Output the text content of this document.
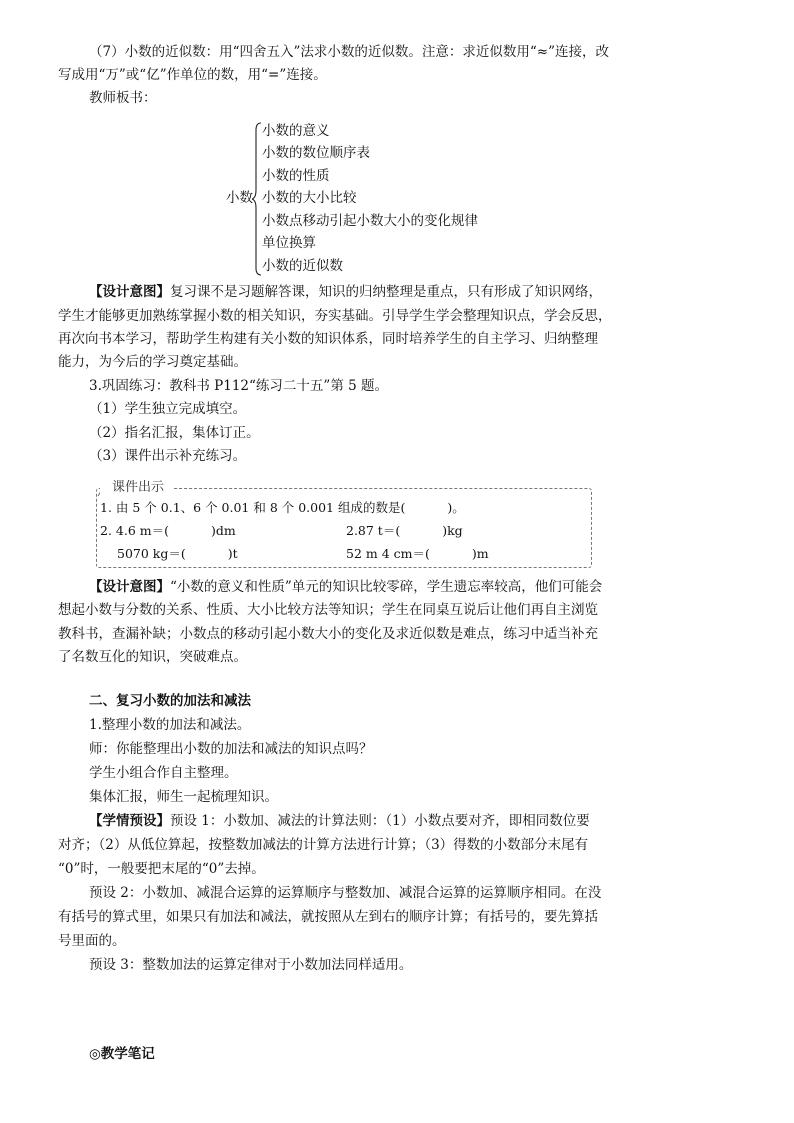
（7）小数的近似数：用“四舍五入”法求小数的近似数。注意：求近似数用“≈”连接，改
写成用“万”或“亿”作单位的数，用“=”连接。
教师板书：
小数
小数的意义
小数的数位顺序表
小数的性质
小数的大小比较
小数点移动引起小数大小的变化规律
单位换算
小数的近似数
【设计意图】复习课不是习题解答课，知识的归纳整理是重点，只有形成了知识网络，
学生才能够更加熟练掌握小数的相关知识，夯实基础。引导学生学会整理知识点，学会反思，
再次向书本学习，帮助学生构建有关小数的知识体系，同时培养学生的自主学习、归纳整理
能力，为今后的学习奠定基础。
3.巩固练习：教科书 P112“练习二十五”第 5 题。
（1）学生独立完成填空。
（2）指名汇报，集体订正。
（3）课件出示补充练习。
课件出示
1. 由 5 个 0.1、6 个 0.01 和 8 个 0.001 组成的数是(	)。
2. 4.6 m＝(	)dm	2.87 t＝(	)kg
5070 kg＝(	)t	52 m 4 cm＝(	)m
【设计意图】“小数的意义和性质”单元的知识比较零碎，学生遗忘率较高，他们可能会
想起小数与分数的关系、性质、大小比较方法等知识；学生在同桌互说后让他们再自主浏览
教科书，查漏补缺；小数点的移动引起小数大小的变化及求近似数是难点，练习中适当补充
了名数互化的知识，突破难点。
二、复习小数的加法和减法
1.整理小数的加法和减法。
师：你能整理出小数的加法和减法的知识点吗？
学生小组合作自主整理。
集体汇报，师生一起梳理知识。
【学情预设】预设 1：小数加、减法的计算法则：（1）小数点要对齐，即相同数位要
对齐；（2）从低位算起，按整数加减法的计算方法进行计算；（3）得数的小数部分末尾有
“0”时，一般要把末尾的“0”去掉。
预设 2：小数加、减混合运算的运算顺序与整数加、减混合运算的运算顺序相同。在没
有括号的算式里，如果只有加法和减法，就按照从左到右的顺序计算；有括号的，要先算括
号里面的。
预设 3：整数加法的运算定律对于小数加法同样适用。
◎教学笔记
